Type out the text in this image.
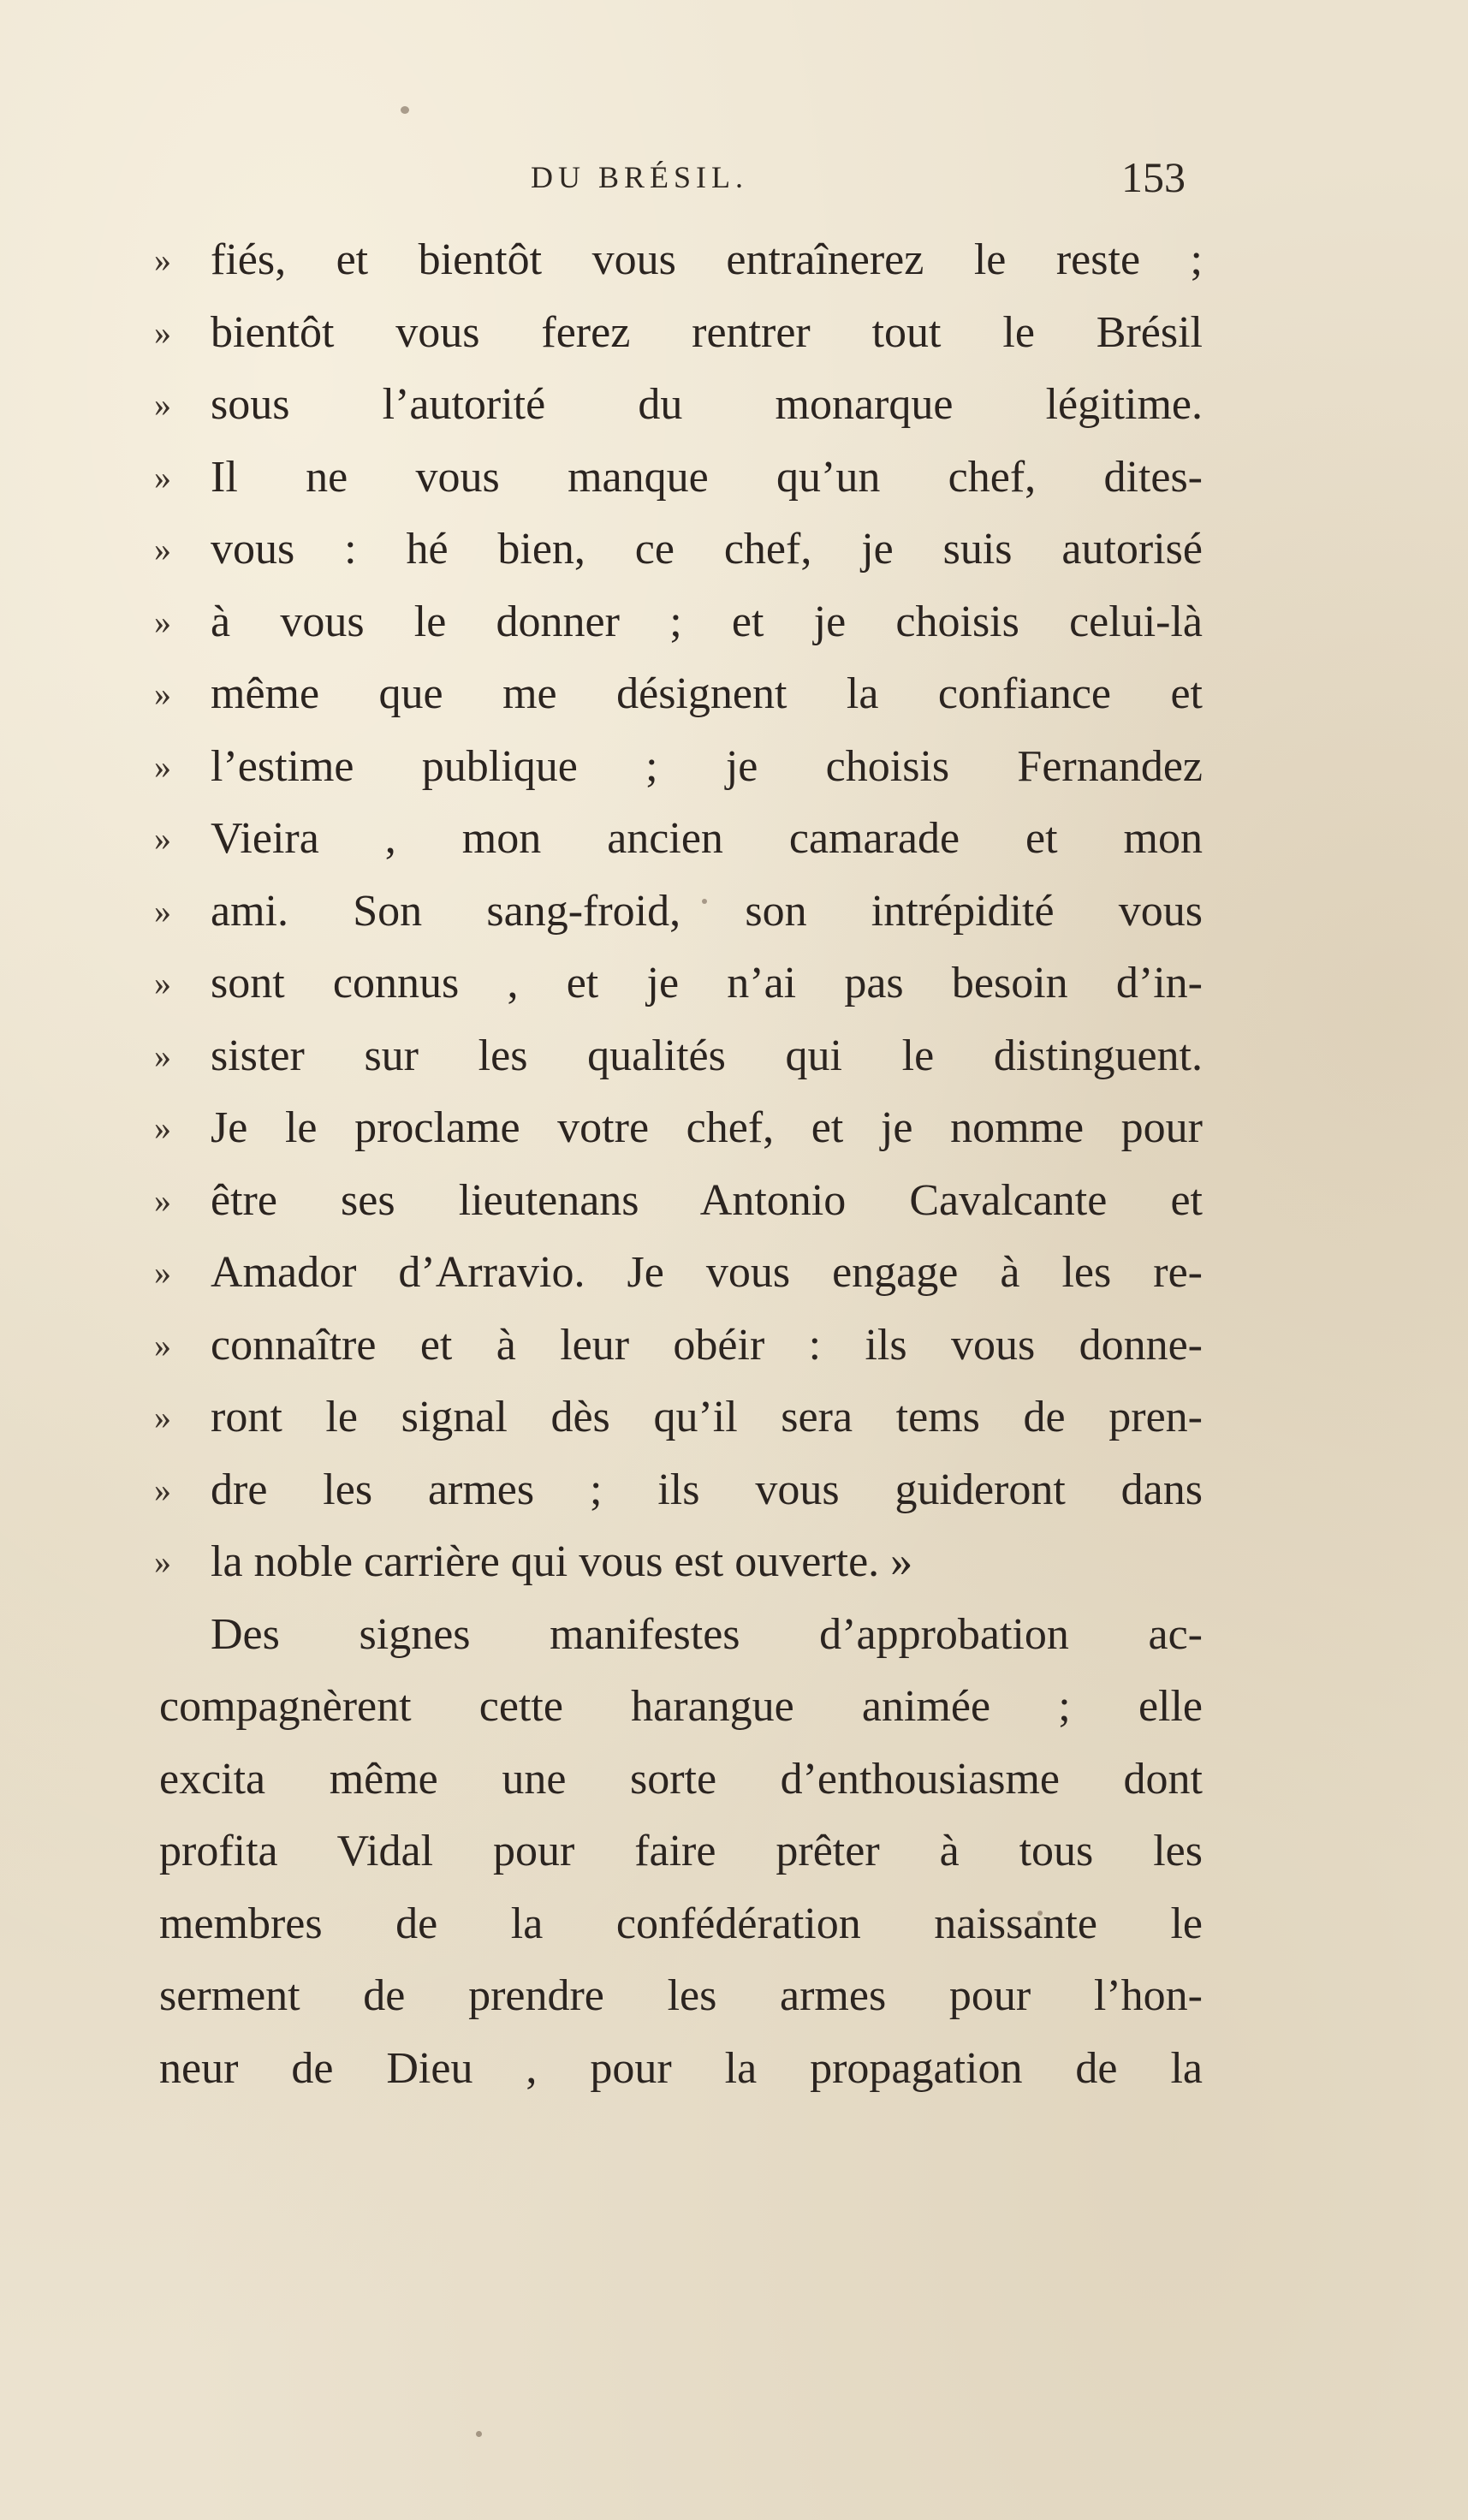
DU BRÉSIL.	153
» fiés, et bientôt vous entraînerez le reste ;
» bientôt vous ferez rentrer tout le Brésil
» sous l’autorité du monarque légitime.
» Il ne vous manque qu’un chef, dites-
» vous : hé bien, ce chef, je suis autorisé
» à vous le donner ; et je choisis celui-là
» même que me désignent la confiance et
» l’estime publique ; je choisis Fernandez
» Vieira , mon ancien camarade et mon
» ami. Son sang-froid, son intrépidité vous
» sont connus , et je n’ai pas besoin d’in-
» sister sur les qualités qui le distinguent.
» Je le proclame votre chef, et je nomme pour
» être ses lieutenans Antonio Cavalcante et
» Amador d’Arravio. Je vous engage à les re-
» connaître et à leur obéir : ils vous donne-
» ront le signal dès qu’il sera tems de pren-
» dre les armes ; ils vous guideront dans
» la noble carrière qui vous est ouverte. »
Des signes manifestes d’approbation ac-
compagnèrent cette harangue animée ; elle
excita même une sorte d’enthousiasme dont
profita Vidal pour faire prêter à tous les
membres de la confédération naissante le
serment de prendre les armes pour l’hon-
neur de Dieu , pour la propagation de la
